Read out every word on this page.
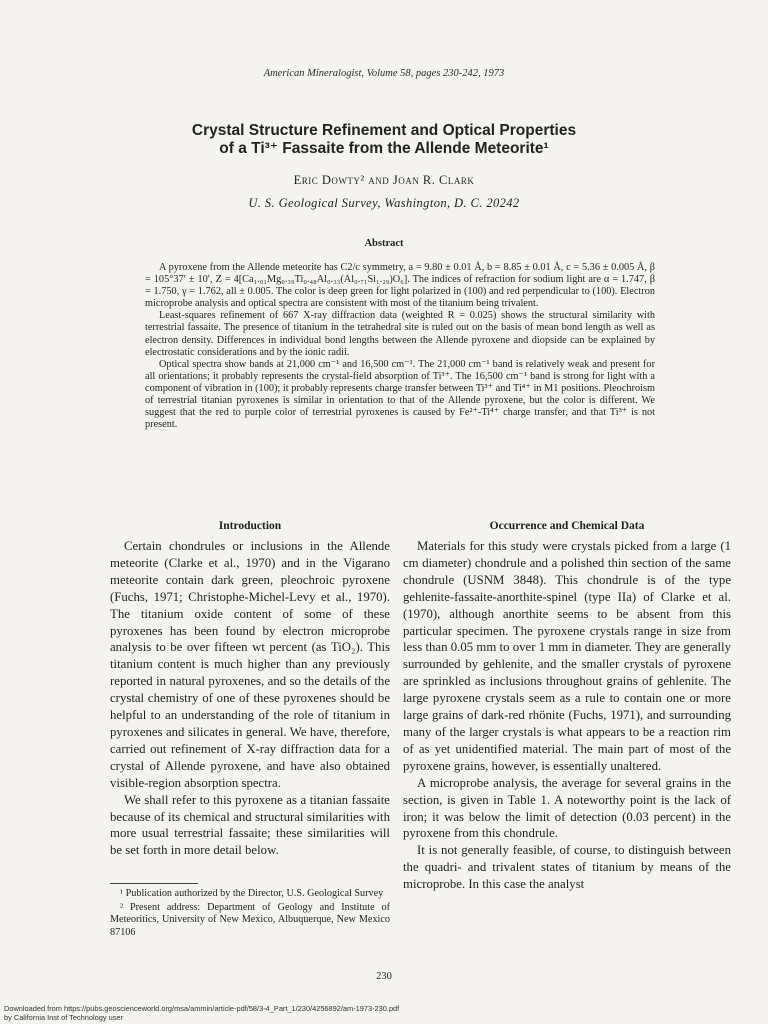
American Mineralogist, Volume 58, pages 230-242, 1973
Crystal Structure Refinement and Optical Properties
of a Ti³⁺ Fassaite from the Allende Meteorite¹
Eric Dowty² and Joan R. Clark
U. S. Geological Survey, Washington, D. C. 20242
Abstract

A pyroxene from the Allende meteorite has C2/c symmetry, a = 9.80 ± 0.01 Å, b = 8.85 ± 0.01 Å, c = 5.36 ± 0.005 Å, β = 105°37′ ± 10′, Z = 4[Ca₁.₀₁Mg₀.₃₉Ti₀.₄₈Al₀.₃₃(Al₀.₇₁Si₁.₂₉)O₆]. The indices of refraction for sodium light are α = 1.747, β = 1.750, γ = 1.762, all ± 0.005. The color is deep green for light polarized in (100) and red perpendicular to (100). Electron microprobe analysis and optical spectra are consistent with most of the titanium being trivalent.

Least-squares refinement of 667 X-ray diffraction data (weighted R = 0.025) shows the structural similarity with terrestrial fassaite. The presence of titanium in the tetrahedral site is ruled out on the basis of mean bond length as well as electron density. Differences in individual bond lengths between the Allende pyroxene and diopside can be explained by electrostatic considerations and by the ionic radii.

Optical spectra show bands at 21,000 cm⁻¹ and 16,500 cm⁻¹. The 21,000 cm⁻¹ band is relatively weak and present for all orientations; it probably represents the crystal-field absorption of Ti³⁺. The 16,500 cm⁻¹ band is strong for light with a component of vibration in (100); it probably represents charge transfer between Ti³⁺ and Ti⁴⁺ in M1 positions. Pleochroism of terrestrial titanian pyroxenes is similar in orientation to that of the Allende pyroxene, but the color is different. We suggest that the red to purple color of terrestrial pyroxenes is caused by Fe²⁺-Ti⁴⁺ charge transfer, and that Ti³⁺ is not present.

Introduction

Certain chondrules or inclusions in the Allende meteorite (Clarke et al., 1970) and in the Vigarano meteorite contain dark green, pleochroic pyroxene (Fuchs, 1971; Christophe-Michel-Levy et al., 1970). The titanium oxide content of some of these pyroxenes has been found by electron microprobe analysis to be over fifteen wt percent (as TiO₂). This titanium content is much higher than any previously reported in natural pyroxenes, and so the details of the crystal chemistry of one of these pyroxenes should be helpful to an understanding of the role of titanium in pyroxenes and silicates in general. We have, therefore, carried out refinement of X-ray diffraction data for a crystal of Allende pyroxene, and have also obtained visible-region absorption spectra.

We shall refer to this pyroxene as a titanian fassaite because of its chemical and structural similarities with more usual terrestrial fassaite; these similarities will be set forth in more detail below.

¹ Publication authorized by the Director, U.S. Geological Survey

² Present address: Department of Geology and Institute of Meteoritics, University of New Mexico, Albuquerque, New Mexico 87106

Occurrence and Chemical Data

Materials for this study were crystals picked from a large (1 cm diameter) chondrule and a polished thin section of the same chondrule (USNM 3848). This chondrule is of the type gehlenite-fassaite-anorthite-spinel (type IIa) of Clarke et al. (1970), although anorthite seems to be absent from this particular specimen. The pyroxene crystals range in size from less than 0.05 mm to over 1 mm in diameter. They are generally surrounded by gehlenite, and the smaller crystals of pyroxene are sprinkled as inclusions throughout grains of gehlenite. The large pyroxene crystals seem as a rule to contain one or more large grains of dark-red rhönite (Fuchs, 1971), and surrounding many of the larger crystals is what appears to be a reaction rim of as yet unidentified material. The main part of most of the pyroxene grains, however, is essentially unaltered.

A microprobe analysis, the average for several grains in the section, is given in Table 1. A noteworthy point is the lack of iron; it was below the limit of detection (0.03 percent) in the pyroxene from this chondrule.

It is not generally feasible, of course, to distinguish between the quadri- and trivalent states of titanium by means of the microprobe. In this case the analyst

230
Downloaded from https://pubs.geoscienceworld.org/msa/ammin/article-pdf/58/3-4_Part_1/230/4256892/am-1973-230.pdf
by California Inst of Technology user
